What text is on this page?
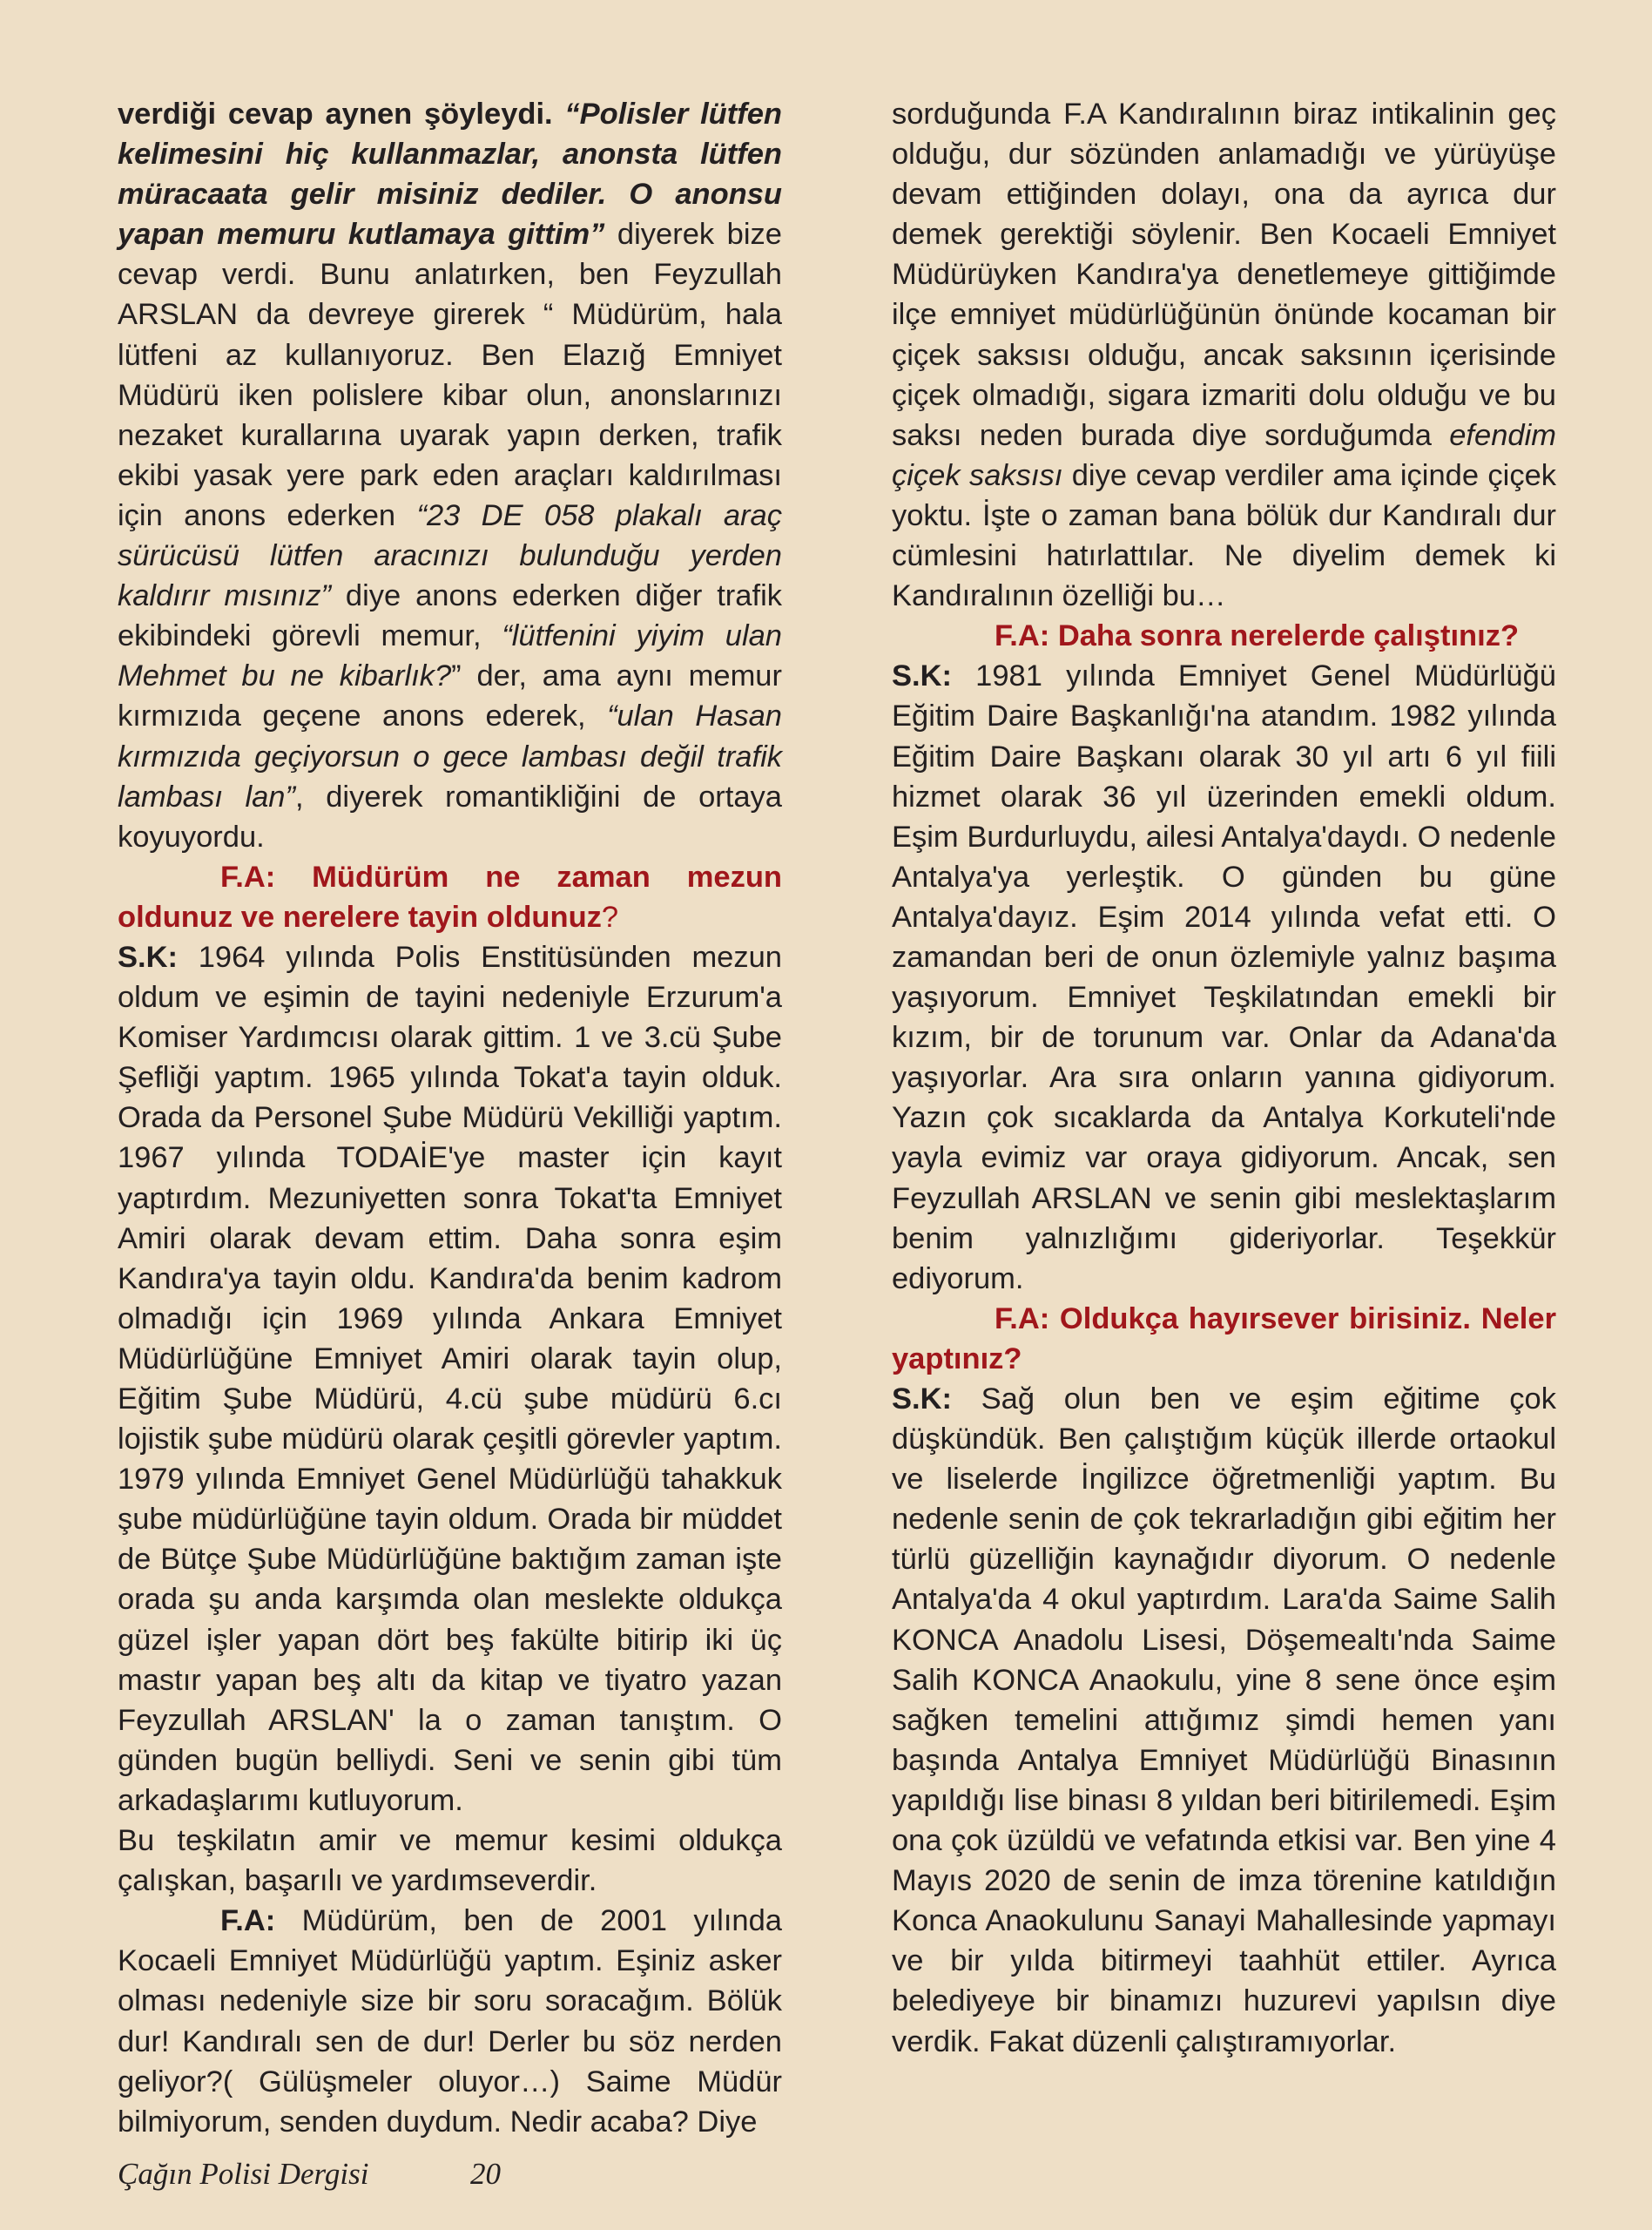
verdiği cevap aynen şöyleydi. “Polisler lütfen kelimesini hiç kullanmazlar, anonsta lütfen müracaata gelir misiniz dediler. O anonsu yapan memuru kutlamaya gittim” diyerek bize cevap verdi. Bunu anlatırken, ben Feyzullah ARSLAN da devreye girerek “ Müdürüm, hala lütfeni az kullanıyoruz. Ben Elazığ Emniyet Müdürü iken polislere kibar olun, anonslarınızı nezaket kurallarına uyarak yapın derken, trafik ekibi yasak yere park eden araçları kaldırılması için anons ederken “23 DE 058 plakalı araç sürücüsü lütfen aracınızı bulunduğu yerden kaldırır mısınız” diye anons ederken diğer trafik ekibindeki görevli memur, “lütfenini yiyim ulan Mehmet bu ne kibarlık?” der, ama aynı memur kırmızıda geçene anons ederek, “ulan Hasan kırmızıda geçiyorsun o gece lambası değil trafik lambası lan”, diyerek romantikliğini de ortaya koyuyordu.

F.A: Müdürüm ne zaman mezun oldunuz ve nerelere tayin oldunuz?

S.K: 1964 yılında Polis Enstitüsünden mezun oldum ve eşimin de tayini nedeniyle Erzurum'a Komiser Yardımcısı olarak gittim. 1 ve 3.cü Şube Şefliği yaptım. 1965 yılında Tokat'a tayin olduk. Orada da Personel Şube Müdürü Vekilliği yaptım. 1967 yılında TODAİE'ye master için kayıt yaptırdım. Mezuniyetten sonra Tokat'ta Emniyet Amiri olarak devam ettim. Daha sonra eşim Kandıra'ya tayin oldu. Kandıra'da benim kadrom olmadığı için 1969 yılında Ankara Emniyet Müdürlüğüne Emniyet Amiri olarak tayin olup, Eğitim Şube Müdürü, 4.cü şube müdürü 6.cı lojistik şube müdürü olarak çeşitli görevler yaptım. 1979 yılında Emniyet Genel Müdürlüğü tahakkuk şube müdürlüğüne tayin oldum. Orada bir müddet de Bütçe Şube Müdürlüğüne baktığım zaman işte orada şu anda karşımda olan meslekte oldukça güzel işler yapan dört beş fakülte bitirip iki üç mastır yapan beş altı da kitap ve tiyatro yazan Feyzullah ARSLAN' la o zaman tanıştım. O günden bugün belliydi. Seni ve senin gibi tüm arkadaşlarımı kutluyorum.

Bu teşkilatın amir ve memur kesimi oldukça çalışkan, başarılı ve yardımseverdir.

F.A: Müdürüm, ben de 2001 yılında Kocaeli Emniyet Müdürlüğü yaptım. Eşiniz asker olması nedeniyle size bir soru soracağım. Bölük dur! Kandıralı sen de dur! Derler bu söz nerden geliyor?( Gülüşmeler oluyor…) Saime Müdür bilmiyorum, senden duydum. Nedir acaba? Diye

sorduğunda F.A Kandıralının biraz intikalinin geç olduğu, dur sözünden anlamadığı ve yürüyüşe devam ettiğinden dolayı, ona da ayrıca dur demek gerektiği söylenir. Ben Kocaeli Emniyet Müdürüyken Kandıra'ya denetlemeye gittiğimde ilçe emniyet müdürlüğünün önünde kocaman bir çiçek saksısı olduğu, ancak saksının içerisinde çiçek olmadığı, sigara izmariti dolu olduğu ve bu saksı neden burada diye sorduğumda efendim çiçek saksısı diye cevap verdiler ama içinde çiçek yoktu. İşte o zaman bana bölük dur Kandıralı dur cümlesini hatırlattılar. Ne diyelim demek ki Kandıralının özelliği bu…

F.A: Daha sonra nerelerde çalıştınız?

S.K: 1981 yılında Emniyet Genel Müdürlüğü Eğitim Daire Başkanlığı'na atandım. 1982 yılında Eğitim Daire Başkanı olarak 30 yıl artı 6 yıl fiili hizmet olarak 36 yıl üzerinden emekli oldum. Eşim Burdurluydu, ailesi Antalya'daydı. O nedenle Antalya'ya yerleştik. O günden bu güne Antalya'dayız. Eşim 2014 yılında vefat etti. O zamandan beri de onun özlemiyle yalnız başıma yaşıyorum. Emniyet Teşkilatından emekli bir kızım, bir de torunum var. Onlar da Adana'da yaşıyorlar. Ara sıra onların yanına gidiyorum. Yazın çok sıcaklarda da Antalya Korkuteli'nde yayla evimiz var oraya gidiyorum. Ancak, sen Feyzullah ARSLAN ve senin gibi meslektaşlarım benim yalnızlığımı gideriyorlar. Teşekkür ediyorum.

F.A: Oldukça hayırsever birisiniz. Neler yaptınız?

S.K: Sağ olun ben ve eşim eğitime çok düşkündük. Ben çalıştığım küçük illerde ortaokul ve liselerde İngilizce öğretmenliği yaptım. Bu nedenle senin de çok tekrarladığın gibi eğitim her türlü güzelliğin kaynağıdır diyorum. O nedenle Antalya'da 4 okul yaptırdım. Lara'da Saime Salih KONCA Anadolu Lisesi, Döşemealtı'nda Saime Salih KONCA Anaokulu, yine 8 sene önce eşim sağken temelini attığımız şimdi hemen yanı başında Antalya Emniyet Müdürlüğü Binasının yapıldığı lise binası 8 yıldan beri bitirilemedi. Eşim ona çok üzüldü ve vefatında etkisi var. Ben yine 4 Mayıs 2020 de senin de imza törenine katıldığın Konca Anaokulunu Sanayi Mahallesinde yapmayı ve bir yılda bitirmeyi taahhüt ettiler. Ayrıca belediyeye bir binamızı huzurevi yapılsın diye verdik. Fakat düzenli çalıştıramıyorlar.

Çağın Polisi Dergisi	20
